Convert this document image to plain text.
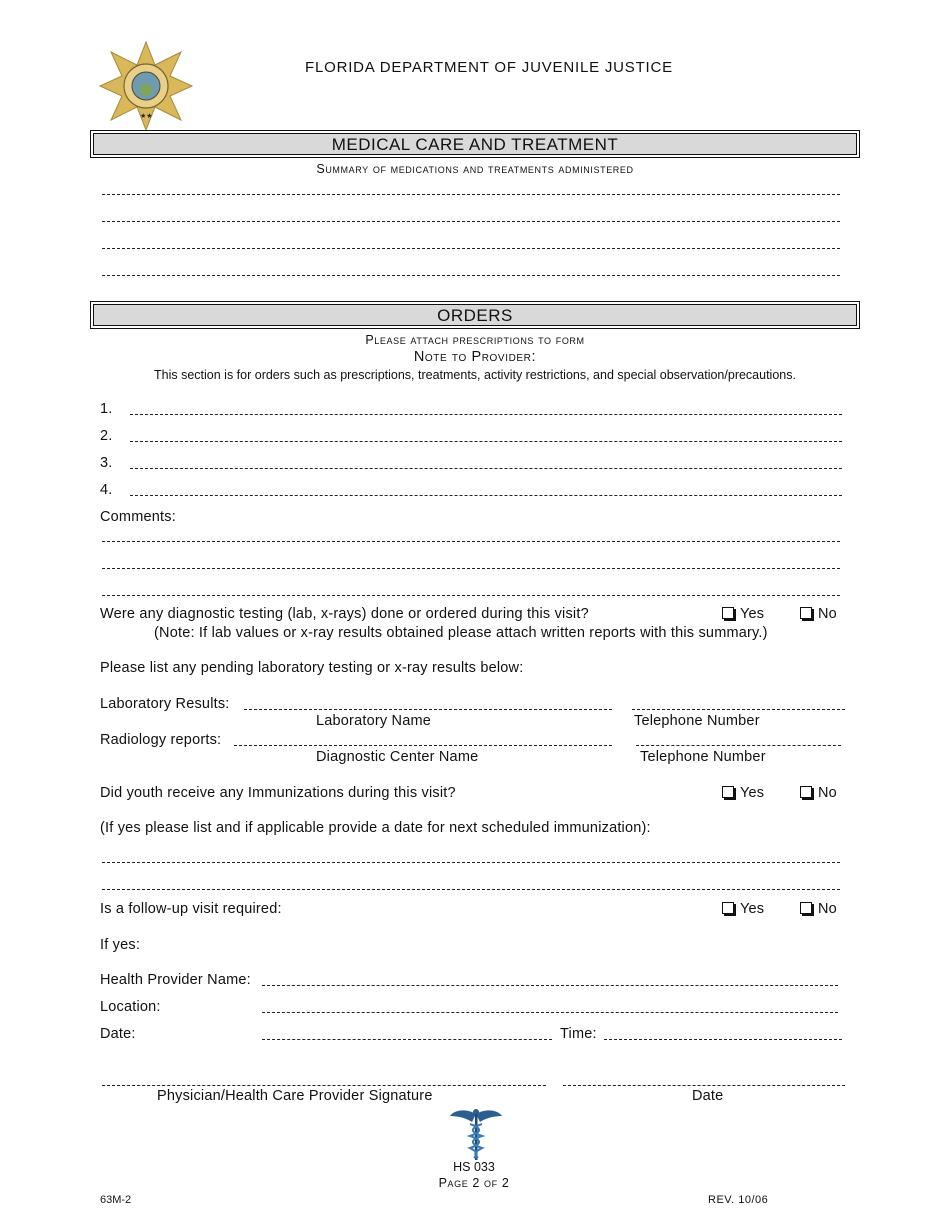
★★
FLORIDA DEPARTMENT OF JUVENILE JUSTICE
MEDICAL CARE AND TREATMENT
Summary of medications and treatments administered
ORDERS
Please attach prescriptions to form
Note to Provider:
This section is for orders such as prescriptions, treatments, activity restrictions, and special observation/precautions.
1.
2.
3.
4.
Comments:
Were any diagnostic testing (lab, x-rays) done or ordered during this visit?	Yes	No
(Note: If lab values or x-ray results obtained please attach written reports with this summary.)
Please list any pending laboratory testing or x-ray results below:
Laboratory Results:
Laboratory Name	Telephone Number
Radiology reports:
Diagnostic Center Name	Telephone Number
Did youth receive any Immunizations during this visit?	Yes	No
(If yes please list and if applicable provide a date for next scheduled immunization):
Is a follow-up visit required:	Yes	No
If yes:
Health Provider Name:
Location:
Date:	Time:
Physician/Health Care Provider Signature	Date
HS 033
Page 2 of 2
63M-2	REV. 10/06
